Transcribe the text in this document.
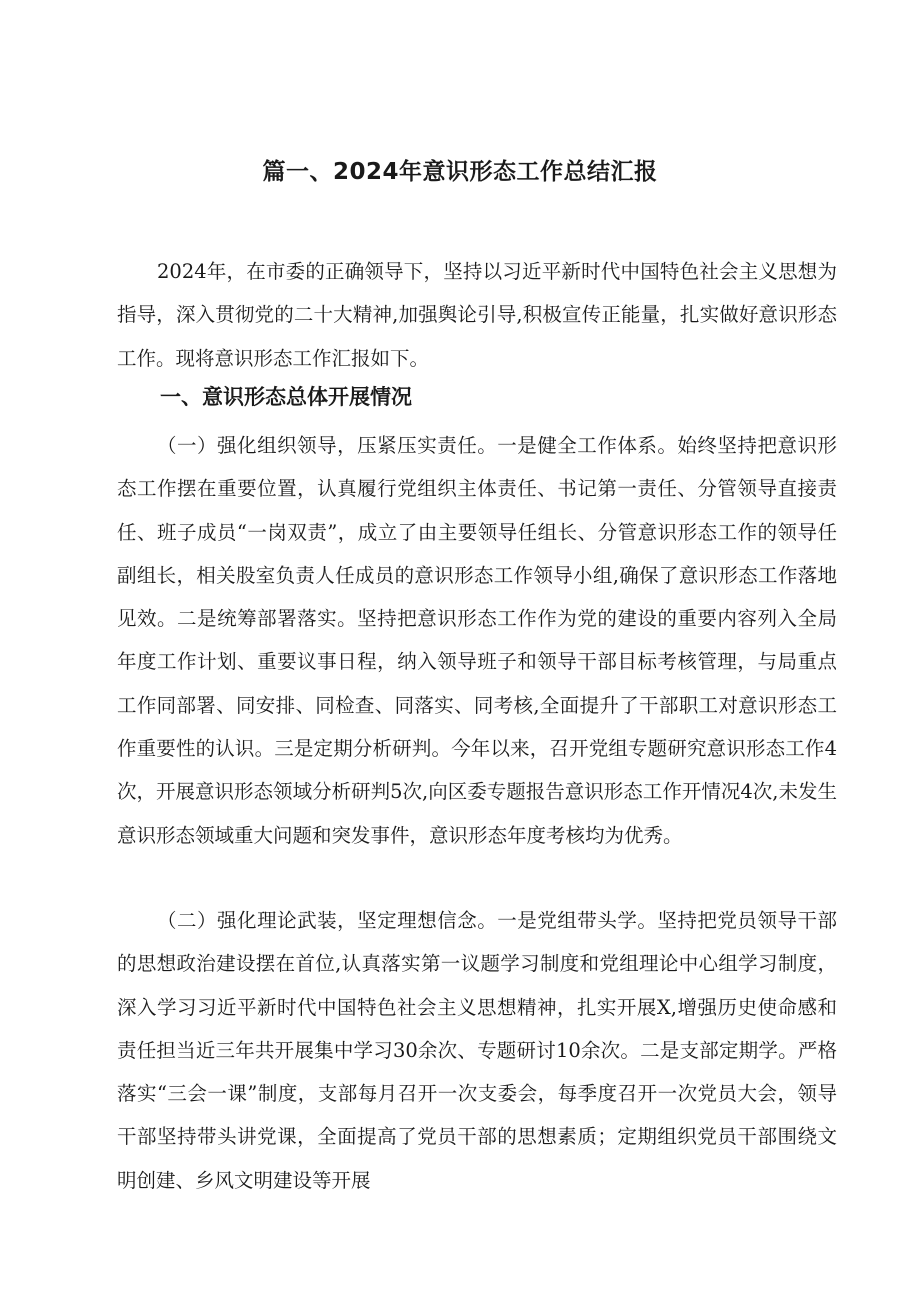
篇一、2024年意识形态工作总结汇报

2024年，在市委的正确领导下，坚持以习近平新时代中国特色社会主义思想为指导，深入贯彻党的二十大精神,加强舆论引导,积极宣传正能量，扎实做好意识形态工作。现将意识形态工作汇报如下。

一、意识形态总体开展情况

（一）强化组织领导，压紧压实责任。一是健全工作体系。始终坚持把意识形态工作摆在重要位置，认真履行党组织主体责任、书记第一责任、分管领导直接责任、班子成员“一岗双责”，成立了由主要领导任组长、分管意识形态工作的领导任副组长，相关股室负责人任成员的意识形态工作领导小组,确保了意识形态工作落地见效。二是统筹部署落实。坚持把意识形态工作作为党的建设的重要内容列入全局年度工作计划、重要议事日程，纳入领导班子和领导干部目标考核管理，与局重点工作同部署、同安排、同检查、同落实、同考核,全面提升了干部职工对意识形态工作重要性的认识。三是定期分析研判。今年以来，召开党组专题研究意识形态工作4次，开展意识形态领域分析研判5次,向区委专题报告意识形态工作开情况4次,未发生意识形态领域重大问题和突发事件，意识形态年度考核均为优秀。

（二）强化理论武装，坚定理想信念。一是党组带头学。坚持把党员领导干部的思想政治建设摆在首位,认真落实第一议题学习制度和党组理论中心组学习制度，深入学习习近平新时代中国特色社会主义思想精神，扎实开展X,增强历史使命感和责任担当近三年共开展集中学习30余次、专题研讨10余次。二是支部定期学。严格落实“三会一课”制度，支部每月召开一次支委会，每季度召开一次党员大会，领导干部坚持带头讲党课，全面提高了党员干部的思想素质；定期组织党员干部围绕文明创建、乡风文明建设等开展
